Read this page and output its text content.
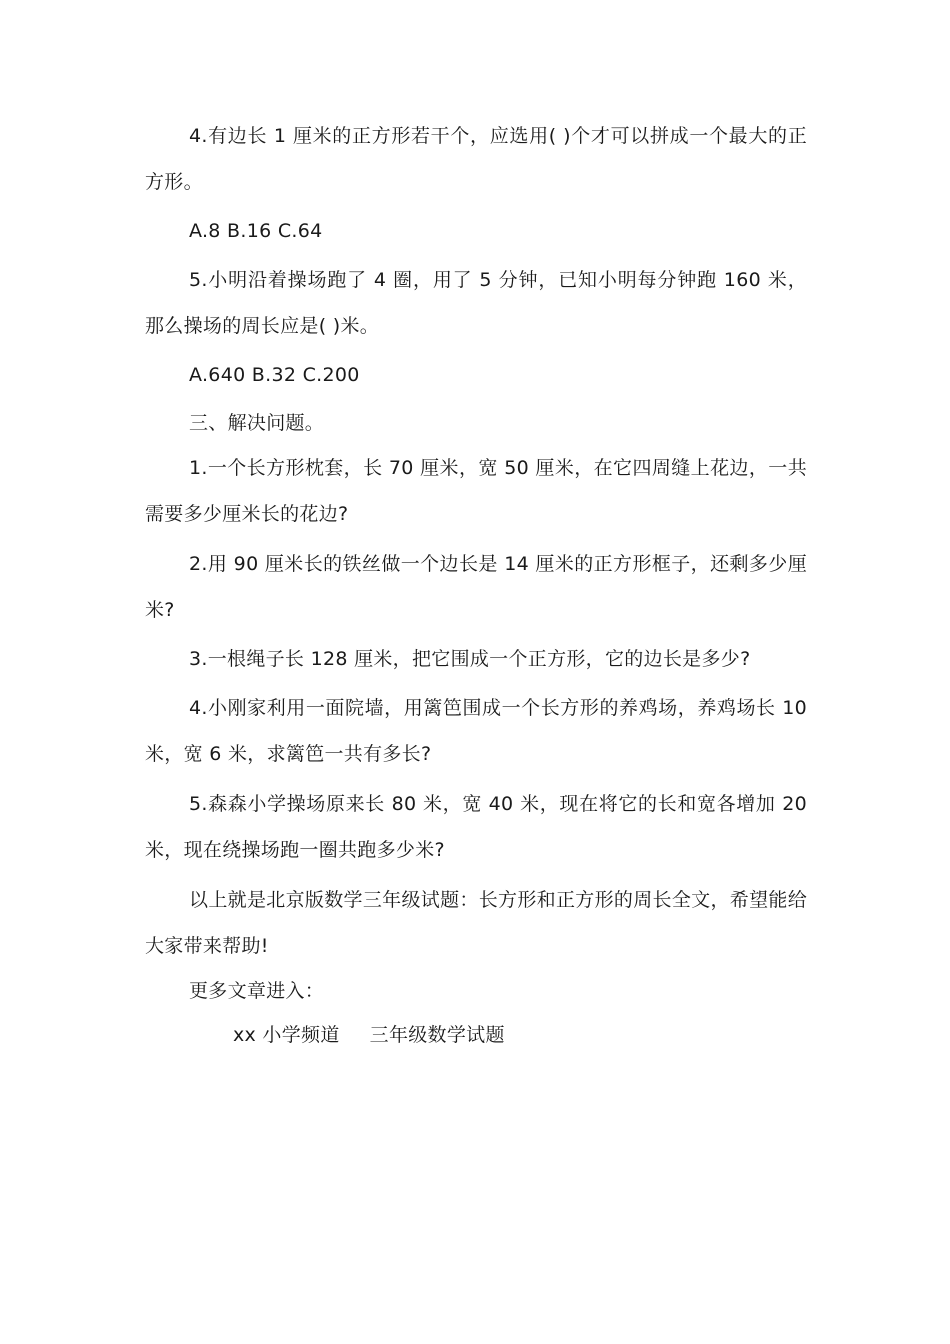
4.有边长 1 厘米的正方形若干个，应选用( )个才可以拼成一个最大的正方形。

A.8 B.16 C.64

5.小明沿着操场跑了 4 圈，用了 5 分钟，已知小明每分钟跑 160 米，那么操场的周长应是( )米。

A.640 B.32 C.200

三、解决问题。

1.一个长方形枕套，长 70 厘米，宽 50 厘米，在它四周缝上花边，一共需要多少厘米长的花边?

2.用 90 厘米长的铁丝做一个边长是 14 厘米的正方形框子，还剩多少厘米?

3.一根绳子长 128 厘米，把它围成一个正方形，它的边长是多少?

4.小刚家利用一面院墙，用篱笆围成一个长方形的养鸡场，养鸡场长 10 米，宽 6 米，求篱笆一共有多长?

5.森森小学操场原来长 80 米，宽 40 米，现在将它的长和宽各增加 20 米，现在绕操场跑一圈共跑多少米?

以上就是北京版数学三年级试题：长方形和正方形的周长全文，希望能给大家带来帮助!

更多文章进入：

xx 小学频道 三年级数学试题
